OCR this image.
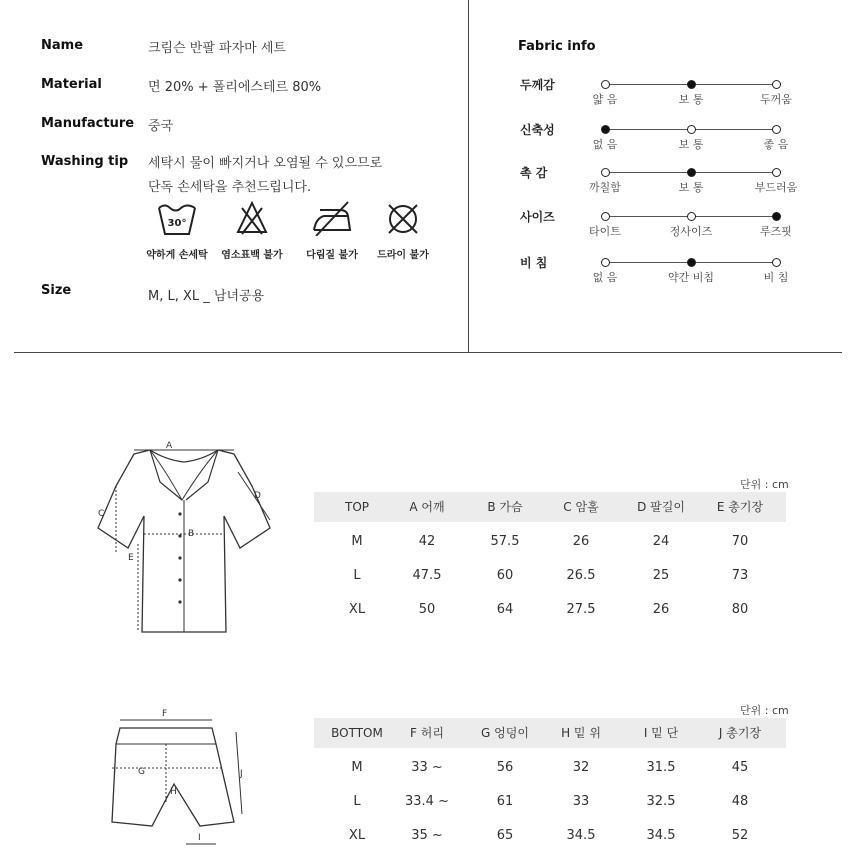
Name	크림슨 반팔 파자마 세트
Material	면 20% + 폴리에스테르 80%
Manufacture 중국
Washing tip 세탁시 물이 빠지거나 오염될 수 있으므로
단독 손세탁을 추천드립니다.
Size	M, L, XL _ 남녀공용
30°
약하게 손세탁	염소표백 불가	다림질 불가	드라이 불가
Fabric info
두께감
얇 음	보 통	두꺼움
신축성
없 음	보 통	좋 음
촉 감
까칠함	보 통	부드러움
사이즈
타이트	정사이즈	루즈핏
비 침
없 음	약간 비침	비 침
A
B
C
D
E
F
G
H
I
J
단위 : cm
TOP	A 어깨	B 가슴	C 암홀	D 팔길이	E 총기장
M	42	57.5	26	24	70
L	47.5	60	26.5	25	73
XL	50	64	27.5	26	80
단위 : cm
BOTTOM	F 허리	G 엉덩이	H 밑 위	I 밑 단	J 총기장
M	33 ~	56	32	31.5	45
L	33.4 ~	61	33	32.5	48
XL	35 ~	65	34.5	34.5	52
